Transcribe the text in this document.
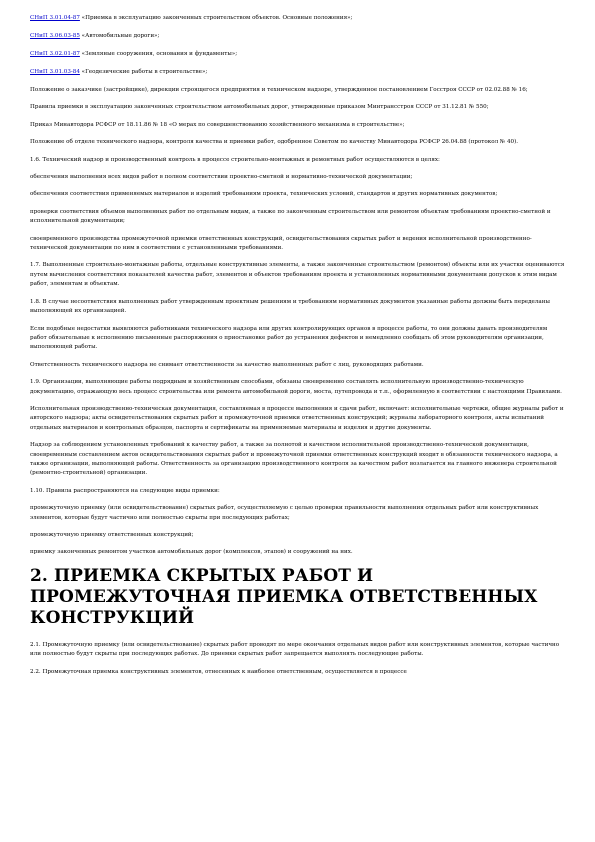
СНиП 3.01.04-87 «Приемка в эксплуатацию законченных строительством объектов. Основные положения»;
СНиП 3.06.03-85 «Автомобильные дороги»;
СНиП 3.02.01-87 «Земляные сооружения, основания и фундаменты»;
СНиП 3.01.03-84 «Геодезические работы в строительстве»;

Положение о заказчике (застройщике), дирекции строящегося предприятия и техническом надзоре, утвержденное постановлением Госстроя СССР от 02.02.88 № 16;

Правила приемки в эксплуатацию законченных строительством автомобильных дорог, утвержденные приказом Минтрансстроя СССР от 31.12.81 № 550;

Приказ Минавтодора РСФСР от 18.11.86 № 18 «О мерах по совершенствованию хозяйственного механизма в строительстве»;

Положение об отделе технического надзора, контроля качества и приемки работ, одобренное Советом по качеству Минавтодора РСФСР 26.04.88 (протокол № 40).

1.6. Технический надзор и производственный контроль в процессе строительно-монтажных и ремонтных работ осуществляются в целях:

обеспечения выполнения всех видов работ в полном соответствии проектно-сметной и нормативно-технической документации;

обеспечения соответствия применяемых материалов и изделий требованиям проекта, технических условий, стандартов и других нормативных документов;

проверки соответствия объемов выполненных работ по отдельным видам, а также по законченным строительством или ремонтом объектам требованиям проектно-сметной и исполнительной документации;

своевременного производства промежуточной приемки ответственных конструкций, освидетельствования скрытых работ и ведения исполнительной производственно-технической документации по ним в соответствии с установленными требованиями.

1.7. Выполненные строительно-монтажные работы, отдельные конструктивные элементы, а также законченные строительством (ремонтом) объекты или их участки оцениваются путем вычисления соответствия показателей качества работ, элементов и объектов требованиям проекта и установленных нормативными документами допусков к этим видам работ, элементам и объектам.

1.8. В случае несоответствия выполненных работ утвержденным проектным решениям и требованиям нормативных документов указанные работы должны быть переделаны выполняющей их организацией.

Если подобные недостатки выявляются работниками технического надзора или других контролирующих органов в процессе работы, то они должны давать производителям работ обязательные к исполнению письменные распоряжения о приостановке работ до устранения дефектов и немедленно сообщать об этом руководителям организации, выполняющей работы.

Ответственность технического надзора не снимает ответственности за качество выполненных работ с лиц, руководящих работами.

1.9. Организации, выполняющие работы подрядным и хозяйственным способами, обязаны своевременно составлять исполнительную производственно-техническую документацию, отражающую весь процесс строительства или ремонта автомобильной дороги, моста, путепровода и т.п., оформленную в соответствии с настоящими Правилами.

Исполнительная производственно-техническая документация, составляемая в процессе выполнения и сдачи работ, включает: исполнительные чертежи, общие журналы работ и авторского надзора; акты освидетельствования скрытых работ и промежуточной приемки ответственных конструкций; журналы лабораторного контроля, акты испытаний отдельных материалов и контрольных образцов, паспорта и сертификаты на применяемые материалы и изделия и другие документы.

Надзор за соблюдением установленных требований к качеству работ, а также за полнотой и качеством исполнительной производственно-технической документации, своевременным составлением актов освидетельствования скрытых работ и промежуточной приемки ответственных конструкций входит в обязанности технического надзора, а также организации, выполняющей работы. Ответственность за организацию производственного контроля за качеством работ возлагается на главного инженера строительной (ремонтно-строительной) организации.

1.10. Правила распространяются на следующие виды приемки:

промежуточную приемку (или освидетельствование) скрытых работ, осуществляемую с целью проверки правильности выполнения отдельных работ или конструктивных элементов, которые будут частично или полностью скрыты при последующих работах;

промежуточную приемку ответственных конструкций;

приемку законченных ремонтом участков автомобильных дорог (комплексов, этапов) и сооружений на них.

2. ПРИЕМКА СКРЫТЫХ РАБОТ И ПРОМЕЖУТОЧНАЯ ПРИЕМКА ОТВЕТСТВЕННЫХ КОНСТРУКЦИЙ

2.1. Промежуточную приемку (или освидетельствование) скрытых работ проводят по мере окончания отдельных видов работ или конструктивных элементов, которые частично или полностью будут скрыты при последующих работах. До приемки скрытых работ запрещается выполнять последующие работы.

2.2. Промежуточная приемка конструктивных элементов, отнесенных к наиболее ответственным, осуществляется в процессе
